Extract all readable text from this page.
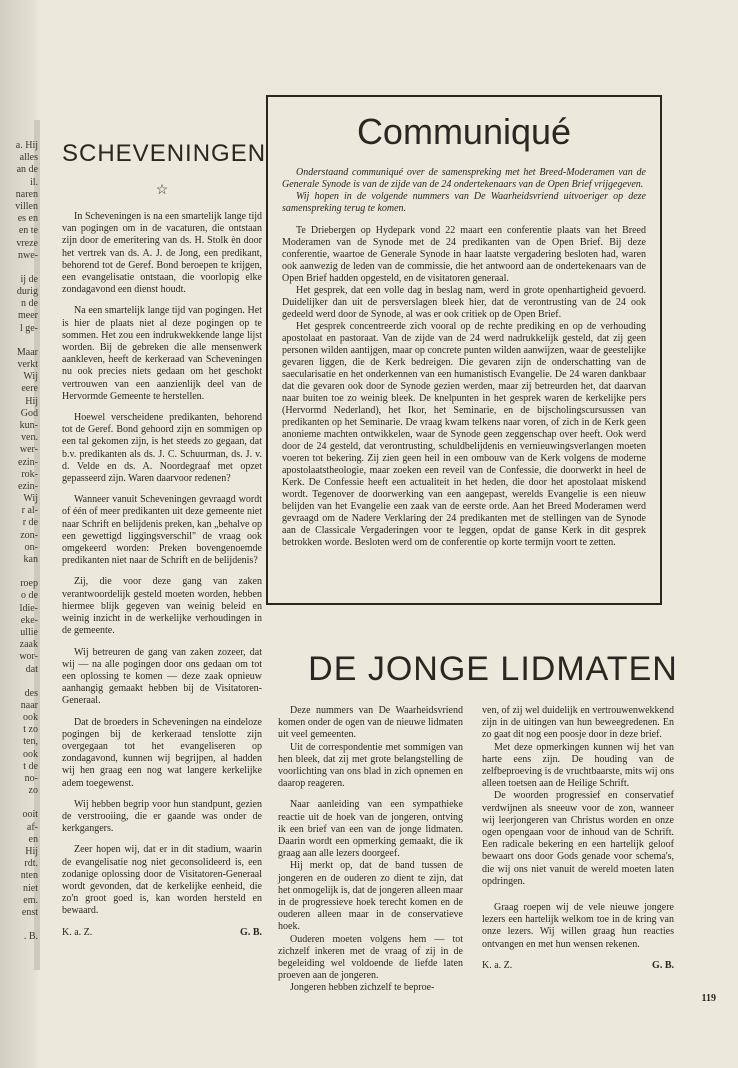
a. Hij
alles
an de
il.
naren
villen
es en
en te
vreze
nwe-
ij de
durig
n de
meer
l ge-
Maar
verkt
Wij
eere
Hij
God
kun-
ven.
wer-
ezin-
rok-
ezin-
Wij
r al-
r de
zon-
on-
kan
roep
o de
ldie-
eke-
ullie
zaak
wor-
dat
des
naar
ook
t zo
ten,
ook
t de
no-
zo
ooit
af-
en
Hij
rdt.
nten
niet
em.
enst
. B.
SCHEVENINGEN
☆

In Scheveningen is na een smartelijk lange tijd van pogingen om in de vacaturen, die ontstaan zijn door de emeritering van ds. H. Stolk èn door het vertrek van ds. A. J. de Jong, een predikant, behorend tot de Geref. Bond beroepen te krijgen, een evangelisatie ontstaan, die voorlopig elke zondagavond een dienst houdt.

Na een smartelijk lange tijd van pogingen. Het is hier de plaats niet al deze pogingen op te sommen. Het zou een indrukwekkende lange lijst worden. Bij de gebreken die alle mensenwerk aankleven, heeft de kerkeraad van Scheveningen nu ook precies niets gedaan om het geschokt vertrouwen van een aanzienlijk deel van de Hervormde Gemeente te herstellen.

Hoewel verscheidene predikanten, behorend tot de Geref. Bond gehoord zijn en sommigen op een tal gekomen zijn, is het steeds zo gegaan, dat b.v. predikanten als ds. J. C. Schuurman, ds. J. v. d. Velde en ds. A. Noordegraaf met opzet gepasseerd zijn. Waren daarvoor redenen?

Wanneer vanuit Scheveningen gevraagd wordt of één of meer predikanten uit deze gemeente niet naar Schrift en belijdenis preken, kan „behalve op een gewettigd liggingsverschil" de vraag ook omgekeerd worden: Preken bovengenoemde predikanten niet naar de Schrift en de belijdenis?

Zij, die voor deze gang van zaken verantwoordelijk gesteld moeten worden, hebben hiermee blijk gegeven van weinig beleid en weinig inzicht in de werkelijke verhoudingen in de gemeente.

Wij betreuren de gang van zaken zozeer, dat wij — na alle pogingen door ons gedaan om tot een oplossing te komen — deze zaak opnieuw aanhangig gemaakt hebben bij de Visitatoren-Generaal.

Dat de broeders in Scheveningen na eindeloze pogingen bij de kerkeraad tenslotte zijn overgegaan tot het evangeliseren op zondagavond, kunnen wij begrijpen, al hadden wij hen graag een nog wat langere kerkelijke adem toegewenst.

Wij hebben begrip voor hun standpunt, gezien de verstrooiing, die er gaande was onder de kerkgangers.

Zeer hopen wij, dat er in dit stadium, waarin de evangelisatie nog niet geconsolideerd is, een zodanige oplossing door de Visitatoren-Generaal wordt gevonden, dat de kerkelijke eenheid, die zo'n groot goed is, kan worden hersteld en bewaard.

K. a. Z.	G. B.
Communiqué

Onderstaand communiqué over de samenspreking met het Breed-Moderamen van de Generale Synode is van de zijde van de 24 ondertekenaars van de Open Brief vrijgegeven.

Wij hopen in de volgende nummers van De Waarheidsvriend uitvoeriger op deze samenspreking terug te komen.

Te Driebergen op Hydepark vond 22 maart een conferentie plaats van het Breed Moderamen van de Synode met de 24 predikanten van de Open Brief. Bij deze conferentie, waartoe de Generale Synode in haar laatste vergadering besloten had, waren ook aanwezig de leden van de commissie, die het antwoord aan de ondertekenaars van de Open Brief hadden opgesteld, en de visitatoren generaal.

Het gesprek, dat een volle dag in beslag nam, werd in grote openhartigheid gevoerd. Duidelijker dan uit de persverslagen bleek hier, dat de verontrusting van de 24 ook gedeeld werd door de Synode, al was er ook critiek op de Open Brief.

Het gesprek concentreerde zich vooral op de rechte prediking en op de verhouding apostolaat en pastoraat. Van de zijde van de 24 werd nadrukkelijk gesteld, dat zij geen personen wilden aantijgen, maar op concrete punten wilden aanwijzen, waar de geestelijke gevaren liggen, die de Kerk bedreigen. Die gevaren zijn de onderschatting van de saecularisatie en het onderkennen van een humanistisch Evangelie. De 24 waren dankbaar dat die gevaren ook door de Synode gezien werden, maar zij betreurden het, dat daarvan naar buiten toe zo weinig bleek. De knelpunten in het gesprek waren de kerkelijke pers (Hervormd Nederland), het Ikor, het Seminarie, en de bijscholingscursussen van predikanten op het Seminarie. De vraag kwam telkens naar voren, of zich in de Kerk geen anonieme machten ontwikkelen, waar de Synode geen zeggenschap over heeft. Ook werd door de 24 gesteld, dat verontrusting, schuldbelijdenis en vernieuwingsverlangen moeten voeren tot bekering. Zij zien geen heil in een ombouw van de Kerk volgens de moderne apostolaatstheologie, maar zoeken een reveil van de Confessie, die doorwerkt in heel de Kerk. De Confessie heeft een actualiteit in het heden, die door het apostolaat miskend wordt. Tegenover de doorwerking van een aangepast, werelds Evangelie is een nieuw belijden van het Evangelie een zaak van de eerste orde. Aan het Breed Moderamen werd gevraagd om de Nadere Verklaring der 24 predikanten met de stellingen van de Synode aan de Classicale Vergaderingen voor te leggen, opdat de ganse Kerk in dit gesprek betrokken worde. Besloten werd om de conferentie op korte termijn voort te zetten.

DE JONGE LIDMATEN

Deze nummers van De Waarheidsvriend komen onder de ogen van de nieuwe lidmaten uit veel gemeenten.

Uit de correspondentie met sommigen van hen bleek, dat zij met grote belangstelling de voorlichting van ons blad in zich opnemen en daarop reageren.

Naar aanleiding van een sympathieke reactie uit de hoek van de jongeren, ontving ik een brief van een van de jonge lidmaten. Daarin wordt een opmerking gemaakt, die ik graag aan alle lezers doorgeef.

Hij merkt op, dat de band tussen de jongeren en de ouderen zo dient te zijn, dat het onmogelijk is, dat de jongeren alleen maar in de progressieve hoek terecht komen en de ouderen alleen maar in de conservatieve hoek.

Ouderen moeten volgens hem — tot zichzelf inkeren met de vraag of zij in de begeleiding wel voldoende de liefde laten proeven aan de jongeren.

Jongeren hebben zichzelf te beproe-

ven, of zij wel duidelijk en vertrouwenwekkend zijn in de uitingen van hun beweegredenen. En zo gaat dit nog een poosje door in deze brief.

Met deze opmerkingen kunnen wij het van harte eens zijn. De houding van de zelfbeproeving is de vruchtbaarste, mits wij ons alleen toetsen aan de Heilige Schrift.

De woorden progressief en conservatief verdwijnen als sneeuw voor de zon, wanneer wij leerjongeren van Christus worden en onze ogen opengaan voor de inhoud van de Schrift. Een radicale bekering en een hartelijk geloof bewaart ons door Gods genade voor schema's, die wij ons niet vanuit de wereld moeten laten opdringen.

Graag roepen wij de vele nieuwe jongere lezers een hartelijk welkom toe in de kring van onze lezers. Wij willen graag hun reacties ontvangen en met hun wensen rekenen.

K. a. Z.	G. B.
119
